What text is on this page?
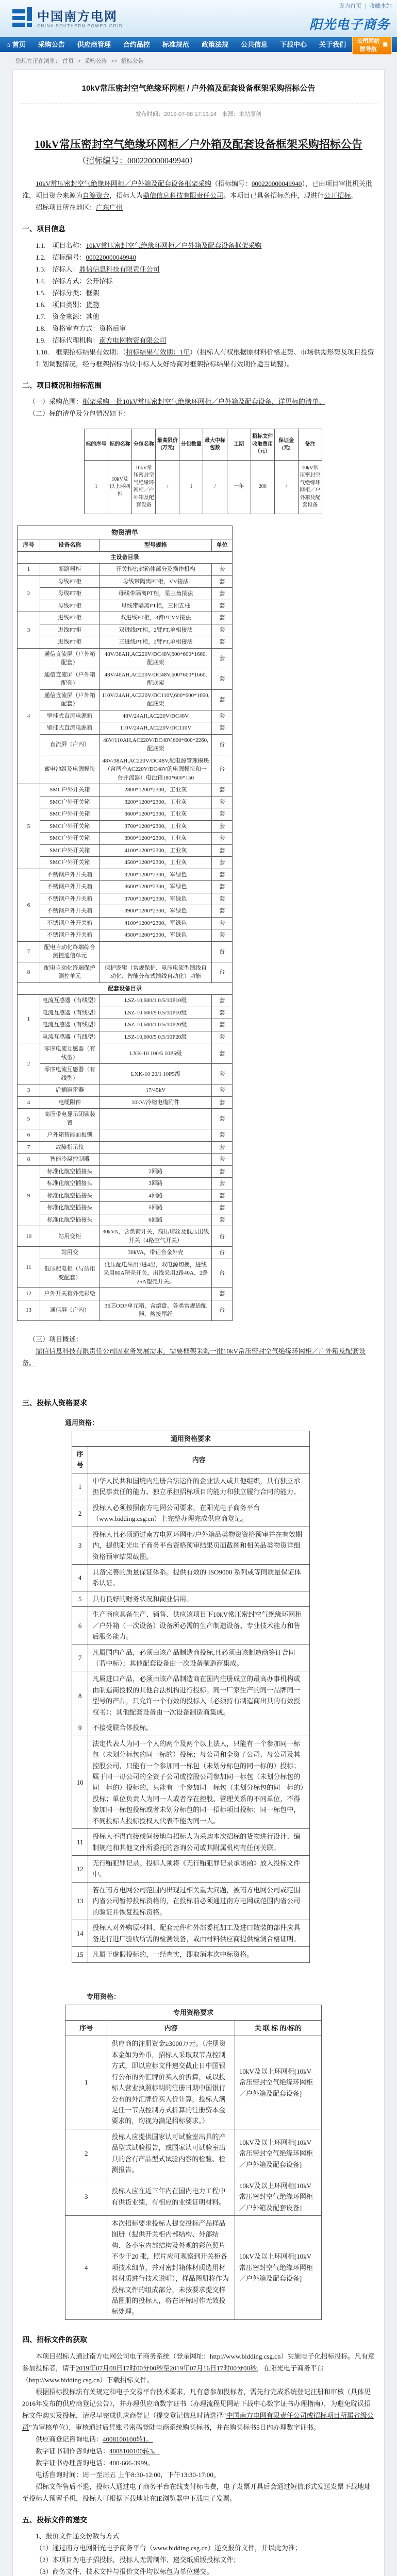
设为首页 | 收藏本站
中国南方电网
CHINA SOUTHERN POWER GRID	阳光电子商务
⌂ 首页	采购公告	供应商管理	合约品控	标准规范	政策法规	公共信息	下载中心	关于我们	公司网站群导航
▣
您现在正在浏览： 首页 > 采购公告 >> 招标公告
10kV常压密封空气绝缘环网柜 / 户外箱及配套设备框架采购招标公告
发布时间：2019-07-08 17:13:14 来源：本站原创
10kV常压密封空气绝缘环网柜／户外箱及配套设备框架采购招标公告

（招标编号：000220000049940）

10kV常压密封空气绝缘环网柜／户外箱及配套设备框架采购（招标编号：000220000049940），已由项目审批机关批准，项目资金来源为自筹资金，招标人为鼎信信息科技有限责任公司。本项目已具备招标条件，现进行公开招标。

招标项目所在地区：广东广州

一、项目信息

1.1.　项目名称：10kV常压密封空气绝缘环网柜／户外箱及配套设备框架采购

1.2.　招标编号：000220000049940

1.3.　招标人：鼎信信息科技有限责任公司

1.4.　招标方式：公开招标

1.5.　招标分类：框架

1.6.　项目类别：货物

1.7.　资金来源：其他

1.8.　资格审查方式：资格后审

1.9.　招标代理机构：南方电网物资有限公司

1.10.　框架招标结果有效期：（招标结果有效期：1年）（招标人有权根据原材料价格走势、市场供需形势及项目投资计划调整情况，经与框架招标协议中标人友好协商对框架招标结果有效期作适当调整）。

二、项目概况和招标范围

（一）采购范围：框架采购一批10kV常压密封空气绝缘环网柜／户外箱及配套设备，详见标的清单。

（二）标的清单及分包情况如下：

标的序号	标的名称	分包名称	最高限价(万元)	分包数量	最大中标包数	工期	招标文件收取费用（元）	保证金(元)	备注
1	10kV及以上环网柜	10kV常压密封空气绝缘环网柜／户外箱及配套设备	/	1	/	一年	200	/	10kV常压密封空气绝缘环网柜／户外箱及配套设备
物资清单			
序号	设备名称	型号规格	单位
主设备目录			
1	断路器柜	开关柜密封箱体部分及操作机构	套
2	母线PT柜	母线带隔离PT柜，VV接法	套
	母线PT柜	母线带隔离PT柜，星三角接法	套
	母线PT柜	母线带隔离PT柜，三相五柱	套
3	进线PT柜	双进线PT柜，3臂PT,VV接法	套
	进线PT柜	双进线PT柜，2臂PT,单相接法	套
	进线PT柜	三进线PT柜，2臂PT,单相接法	套
4	通信直流屏（户外箱配套）	48V/38AH,AC220V/DC48V,600*600*1660,配底架	套
	通信直流屏（户外箱配套）	48V/40AH,AC220V/DC48V,600*600*1660,配底架	套
	通信直流屏（户外箱配套）	110V/24AH,AC220V/DC110V,600*600*1660,配底架	套
	壁挂式直流电源箱	48V/24AH,AC220V/DC48V	套
	壁挂式直流电源箱	110V/24AH,AC220V/DC110V	套
	直流屏（户内）	48V/110AH,AC220V/DC48V,600*600*2260,配底架	台
	蓄电池组及电源模块	48V/38AH,AC220V/DC48V,配电源管理模块（含两台AC220V/DC48V的电源模块和一台并流器）电池箱180*600*150	台
5	SMC户外开关箱	2800*1200*2300，工业灰	套
	SMC户外开关箱	3200*1200*2300，工业灰	套
	SMC户外开关箱	3600*1200*2300，工业灰	套
	SMC户外开关箱	3700*1200*2300，工业灰	套
	SMC户外开关箱	3900*1200*2300，工业灰	套
	SMC户外开关箱	4100*1200*2300，工业灰	套
	SMC户外开关箱	4500*1200*2300，工业灰	套
6	不锈钢户外开关箱	3200*1200*2300，军绿色	套
	不锈钢户外开关箱	3600*1200*2300，军绿色	套
	不锈钢户外开关箱	3700*1200*2300，军绿色	套
	不锈钢户外开关箱	3900*1200*2300，军绿色	套
	不锈钢户外开关箱	4100*1200*2300，军绿色	套
	不锈钢户外开关箱	4500*1200*2300，军绿色	套
7	配电自动化终端综合测控通信单元		台
8	配电自动化终端保护测控单元	保护逻辑（常规保护、电压电流型馈线自动化、智能分布式馈线自动化）功能	台
配套设备目录			
1	电流互感器（有线型）	LSZ-10,600/1 0.5/10P10级	套
	电流互感器（有线型）	LSZ-10 600/5 0.5/10P10级	套
	电流互感器（有线型）	LSZ-10,600/1 0.5/10P20级	套
	电流互感器（有线型）	LSZ-10,600/5 0.5/10P20级	套
2	零序电流互感器（有线型）	LXK-10 100/5 10P5级	套
	零序电流互感器（有线型）	LXK-10 20/1 10P5级	套
3	后插避雷器	17/45kV	套
4	电缆附件	10kV/冷缩电缆附件	套
5	高压带电显示闭锁装置		套
6	户外箱智能面板锁		套
7	故障指示仪		套
8	智能冷凝控制器		套
9	标准化航空插接头	2回路	套
	标准化航空插接头	3回路	套
	标准化航空插接头	4回路	套
	标准化航空插接头	5回路	套
	标准化航空插接头	6回路	套
10	站用变柜	30kVA，含负荷开关，高压熔丝及低压出线开关（4路空气开关）	台
11	站用变	30kVA，带铝合金外壳	台
	低压配电柜（与站用变配套）	低压配电采用1进4出，双电源切换，进线采用80A塑壳开关，出线采用2路40A、2路25A塑壳开关。	台
12	户外开关箱外壳彩绘		套
13	通信屏（户内）	36芯ODF单元箱，含熔盘、各类常规适配器、熔接尾纤	台

（三）项目概述：

鼎信信息科技有限责任公司因业务发展需求，需要框架采购一批10kV常压密封空气绝缘环网柜／户外箱及配套设备。

三、投标人资格要求

通用资格：

通用资格要求	
序号	内容
1	中华人民共和国境内注册合法运作的企业法人或其他组织，具有独立承担民事责任的能力、独立承担招标项目的能力和独立履行合同的能力。
2	投标人必须按照南方电网公司要求，在阳光电子商务平台（www.bidding.csg.cn）上完整办理完成供应商登记。
3	投标人且必须通过南方电网环网柜/户外箱品类物资资格预审并在有效期内，提供阳光电子商务平台资格预审结果页面截图和相关品类物资详细资格预审结果截图。
4	具备完善的质量保证体系。提供有效的 ISO9000 系列或等同质量保证体系认证。
5	具有良好的财务状况和商业信用。
6	生产商应具备生产、销售、供应该项目下10kV常压密封空气绝缘环网柜／户外箱（一次设备）设备所必需的生产制造设备、专业技术能力和售后服务能力。
7	凡属国内产品，必须由该产品制造商投标,且必须由该制造商签订合同（若中标）；其他配套设备由一次设备制造商集成。
8	凡属进口产品，必须由该产品制造商在国内注册成立的最高办事机构或由制造商授权的其他合法机构进行投标。同一厂家生产的同一品牌同一型号的产品，只允许一个有效的投标人（必须持有制造商出具的有效授权书）；其他配套设备由一次设备制造商集成。
9	不接受联合体投标。
10	法定代表人为同一个人的两个及两个以上法人，只能有一个参加同一标包（未划分标包的同一标的）投标；母公司和全资子公司、母公司及其控股公司，只能有一个参加同一标包（未划分标包的同一标的）投标；属于同一母公司的全资子公司或控股公司参加同一标包（未划分标包的同一标的）投标的，只能有一个参加同一标包（未划分标包的同一标的）投标；单位负责人为同一人或者存在控股、管理关系的不同单位，不得参加同一标包投标或者未划分标包的同一招标项目投标；同一标包中，不同投标人投标授权人代表不能为同一人。
11	投标人不得直接或间接地与招标人为采购本次招标的货物进行设计、编制规范和其他文件所委托的咨询公司或其附属机构有任何关联。
12	无行贿犯罪记录。投标人须将《无行贿犯罪记录承诺函》放入投标文件中。
13	若在南方电网公司范围内出现过相关重大问题，被南方电网公司或范围内省公司暂停投标资格的，在投标前必须通过南方电网或范围内省公司的验证并恢复投标资格。
14	投标人对外购原材料、配套元件和外部委托加工及进口散装的部件应具备进行进厂验收所需的检测设备，或由材料供应商提供检测合格证明。
15	凡属于虚假投标的，一经查实，即取消本次中标资格。

专用资格：

专用资格要求		
序号	内容	关 联 标 的/标的
1	供应商的注册资金≥3000万元。（注册资本金如为外币，招标人采取双节点控制方式，即以应标文件递交截止日中国银行公布的外汇牌价买入价折算，或以投标人营业执照标明的注册日期中国银行公布的外汇牌价买入价计算，投标人满足任一节点控制方式折算的注册资本金要求的，均视为满足招标要求。）	10kV及以上环网柜[10kV常压密封空气绝缘环网柜／户外箱及配套设备]
2	投标人应提供国家认可试验室出具的产品型式试验报告，或国家认可试验室出具的含有产品型式试验内容的检验、检测报告。	10kV及以上环网柜[10kV常压密封空气绝缘环网柜／户外箱及配套设备]
3	投标人应在近三年内在国内电力工程中有供货业绩，有相应的业绩证明材料。	10kV及以上环网柜[10kV常压密封空气绝缘环网柜／户外箱及配套设备]
4	本次招标要求投标人提交投标产品样品图册（提供开关柜内部结构、外部结构、各小室内部结构及外观的彩色照片不少于20 张，照片应可观察到开关柜各项技术细节，并对密封箱体材质选用材料材质进行技术说明），样品图册将作为投标文件的组成部分，未按要求提交样品图册的投标人，将在评标时作无效投标处理。	10kV及以上环网柜[10kV常压密封空气绝缘环网柜／户外箱及配套设备]
四、招标文件的获取

本项目招标人通过南方电网公司电子商务系统（登录网址：http://www.bidding.csg.cn）实施电子化招标投标。凡有意参加投标者，请于2019年07月08日17时00分00秒至2019年07月16日17时00分00秒，在阳光电子商务平台（http://www.bidding.csg.cn）下载招标文件。

根据招标投标法有关规定和电子交易平台技术要求，凡有意参加投标者，需先行完成系统登记注册和审核（具体见2016年发布的供应商登记公告），并办理供应商数字证书（办理流程见网站下载中心数字证书办理指南），为避免耽误招标文件购买及投标，请尽早完成供应商登记（提交登记信息时请选择“中国南方电网有限责任公司或招标项目所属省级公司”为审核单位），审核通过后凭账号密码登陆电商系统购买标书，并在购买标书5日内办理数字证书。

供应商登记咨询电话：4008100100转1。

数字证书制作咨询电话：4008100100转3。

数字证书办理咨询电话：400-666-3999。

电话咨询时间：周一至周五 上午8:30-12:00，下午13:30-17:00。

招标文件售后不退，投标人通过电子商务平台在线支付标书费，电子发票开具后会通过短信形式发送发票下载地址至投标人预留手机，投标人可根据下载地址在IE浏览器中下载电子发票。

五、投标文件的递交

1、报价文件递交份数与方式

（1）通过南方电网阳光电子商务平台（www.bidding.csg.cn）递交报价文件，并以此为准；

（2）本项目为电子招投标，投标人无需制作、递交纸质版投标文件；

（3）商务文件、技术文件与报价文件均以标包为单位递交。
